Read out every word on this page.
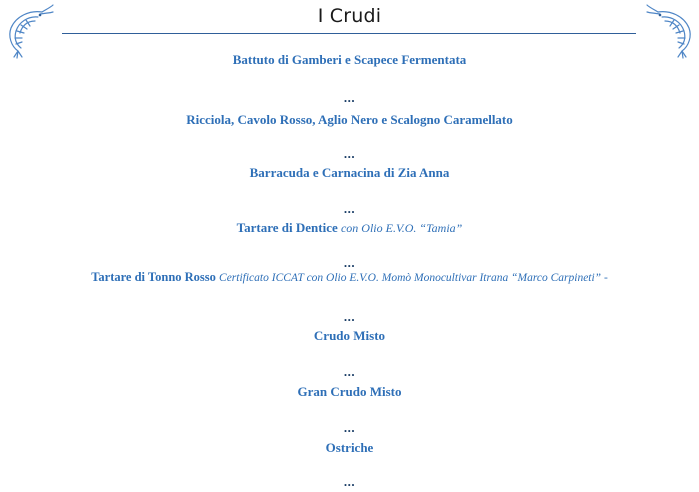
I Crudi
Battuto di Gamberi e Scapece Fermentata
...
Ricciola, Cavolo Rosso, Aglio Nero e Scalogno Caramellato
...
Barracuda e Carnacina di Zia Anna
...
Tartare di Dentice con Olio E.V.O. “Tamia”
...
Tartare di Tonno Rosso Certificato ICCAT con Olio E.V.O. Momò Monocultivar Itrana “Marco Carpineti” -
...
Crudo Misto
...
Gran Crudo Misto
...
Ostriche
...
